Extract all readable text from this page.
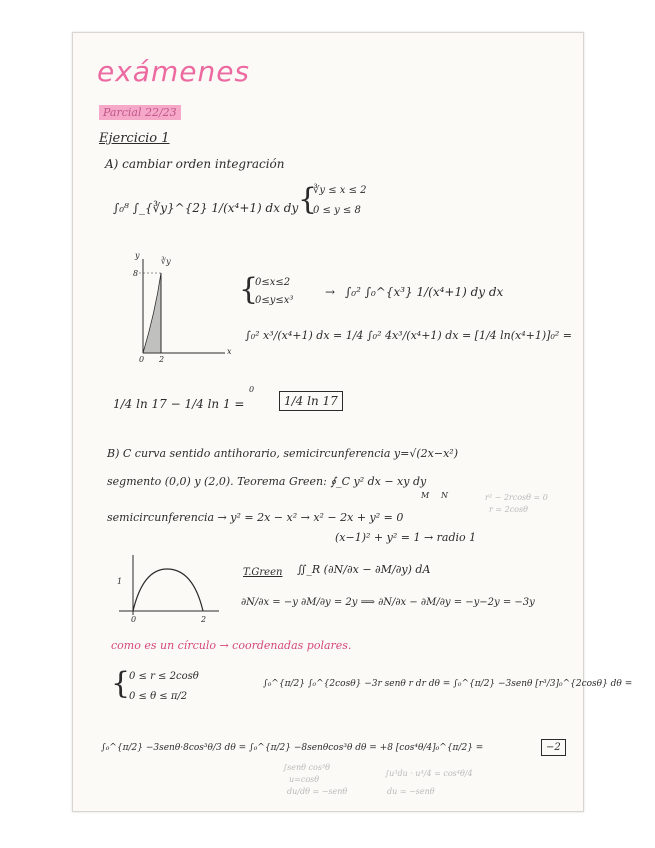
exámenes
Parcial 22/23
Ejercicio 1
A) cambiar orden integración
∫₀⁸ ∫_{∛y}^{2} 1/(x⁴+1) dx dy {
∛y ≤ x ≤ 2
0 ≤ y ≤ 8
y
∛y
8
0 2
x
{
0≤x≤2
0≤y≤x³
→ ∫₀² ∫₀^{x³} 1/(x⁴+1) dy dx
∫₀² x³/(x⁴+1) dx = 1/4 ∫₀² 4x³/(x⁴+1) dx = [1/4 ln(x⁴+1)]₀² =
1/4 ln 17 − 1/4 ln 1 =
0
1/4 ln 17
B) C curva sentido antihorario, semicircunferencia y=√(2x−x²)
segmento (0,0) y (2,0). Teorema Green: ∮_C y² dx − xy dy
M N
semicircunferencia → y² = 2x − x² → x² − 2x + y² = 0
r² − 2rcosθ = 0
r = 2cosθ
(x−1)² + y² = 1 → radio 1
1
0	2
T.Green ∬_R (∂N/∂x − ∂M/∂y) dA
∂N/∂x = −y ∂M/∂y = 2y ⟹ ∂N/∂x − ∂M/∂y = −y−2y = −3y
como es un círculo → coordenadas polares.
{
0 ≤ r ≤ 2cosθ
0 ≤ θ ≤ π/2
∫₀^{π/2} ∫₀^{2cosθ} −3r senθ r dr dθ = ∫₀^{π/2} −3senθ [r³/3]₀^{2cosθ} dθ =
∫₀^{π/2} −3senθ·8cos³θ/3 dθ = ∫₀^{π/2} −8senθcos³θ dθ = +8 [cos⁴θ/4]₀^{π/2} =	−2
∫senθ cos³θ
u=cosθ
du/dθ = −senθ
∫u³du · u⁴/4 = cos⁴θ/4
du = −senθ
